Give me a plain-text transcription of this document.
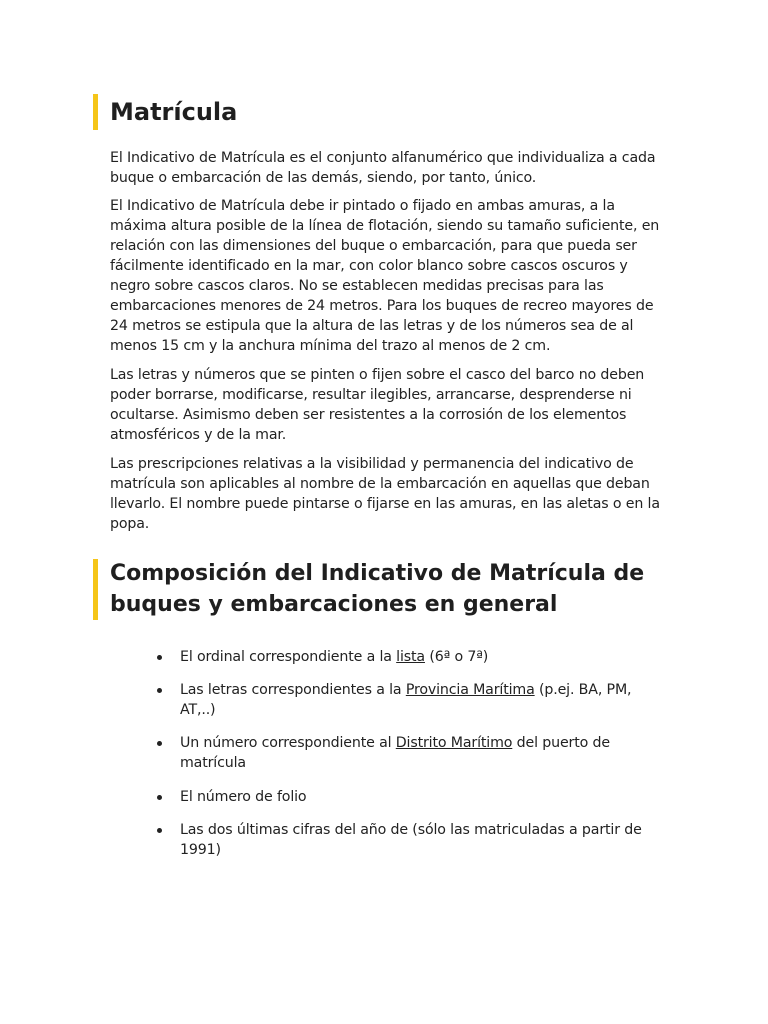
Matrícula

El Indicativo de Matrícula es el conjunto alfanumérico que individualiza a cada buque o embarcación de las demás, siendo, por tanto, único.

El Indicativo de Matrícula debe ir pintado o fijado en ambas amuras, a la máxima altura posible de la línea de flotación, siendo su tamaño suficiente, en relación con las dimensiones del buque o embarcación, para que pueda ser fácilmente identificado en la mar, con color blanco sobre cascos oscuros y negro sobre cascos claros. No se establecen medidas precisas para las embarcaciones menores de 24 metros. Para los buques de recreo mayores de 24 metros se estipula que la altura de las letras y de los números sea de al menos 15 cm y la anchura mínima del trazo al menos de 2 cm.

Las letras y números que se pinten o fijen sobre el casco del barco no deben poder borrarse, modificarse, resultar ilegibles, arrancarse, desprenderse ni ocultarse. Asimismo deben ser resistentes a la corrosión de los elementos atmosféricos y de la mar.

Las prescripciones relativas a la visibilidad y permanencia del indicativo de matrícula son aplicables al nombre de la embarcación en aquellas que deban llevarlo. El nombre puede pintarse o fijarse en las amuras, en las aletas o en la popa.

Composición del Indicativo de Matrícula de buques y embarcaciones en general
El ordinal correspondiente a la lista (6ª o 7ª)
Las letras correspondientes a la Provincia Marítima (p.ej. BA, PM, AT,..)
Un número correspondiente al Distrito Marítimo del puerto de matrícula
El número de folio
Las dos últimas cifras del año de (sólo las matriculadas a partir de 1991)
